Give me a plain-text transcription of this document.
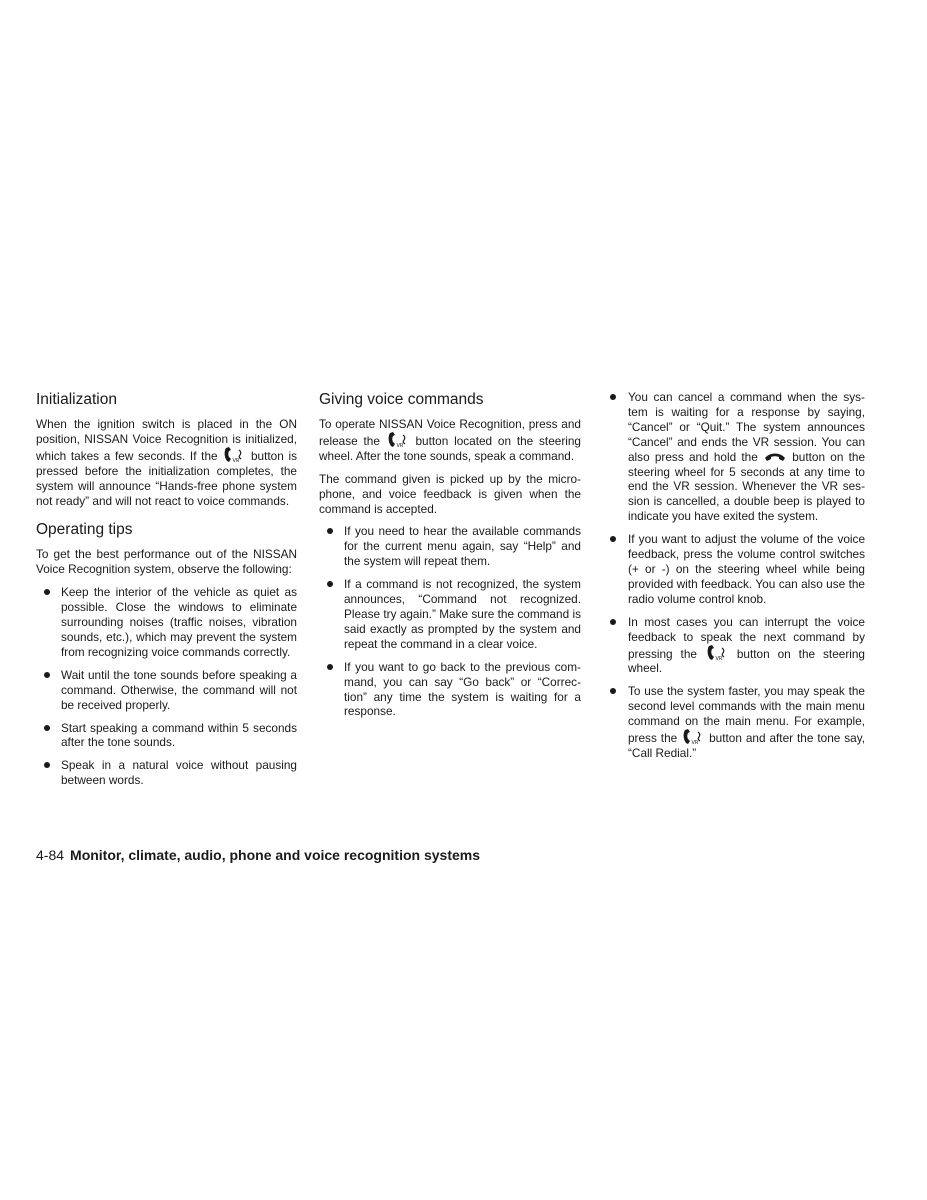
Initialization

When the ignition switch is placed in the ON position, NISSAN Voice Recognition is initialized, which takes a few seconds. If the	VR button is pressed before the initialization completes, the system will announce “Hands-free phone system not ready” and will not react to voice commands.

Operating tips

To get the best performance out of the NISSAN Voice Recognition system, observe the following:

Keep the interior of the vehicle as quiet as possible. Close the windows to eliminate surrounding noises (traffic noises, vibration sounds, etc.), which may prevent the system from recognizing voice commands correctly.
Wait until the tone sounds before speaking a command. Otherwise, the command will not be received properly.
Start speaking a command within 5 seconds after the tone sounds.
Speak in a natural voice without pausing between words.
Giving voice commands

To operate NISSAN Voice Recognition, press and release the	VR button located on the steering wheel. After the tone sounds, speak a command.

The command given is picked up by the micro-phone, and voice feedback is given when the command is accepted.

If you need to hear the available commands for the current menu again, say “Help” and the system will repeat them.
If a command is not recognized, the system announces, “Command not recognized. Please try again.” Make sure the command is said exactly as prompted by the system and repeat the command in a clear voice.
If you want to go back to the previous com-mand, you can say “Go back” or “Correc-tion” any time the system is waiting for a response.
You can cancel a command when the sys-tem is waiting for a response by saying, “Cancel” or “Quit.” The system announces “Cancel” and ends the VR session. You can also press and hold the	button on the steering wheel for 5 seconds at any time to end the VR session. Whenever the VR ses-sion is cancelled, a double beep is played to indicate you have exited the system.
If you want to adjust the volume of the voice feedback, press the volume control switches (+ or -) on the steering wheel while being provided with feedback. You can also use the radio volume control knob.
In most cases you can interrupt the voice feedback to speak the next command by pressing the	VR button on the steering wheel.
To use the system faster, you may speak the second level commands with the main menu command on the main menu. For example, press the	VR button and after the tone say, “Call Redial.”
4-84 Monitor, climate, audio, phone and voice recognition systems
